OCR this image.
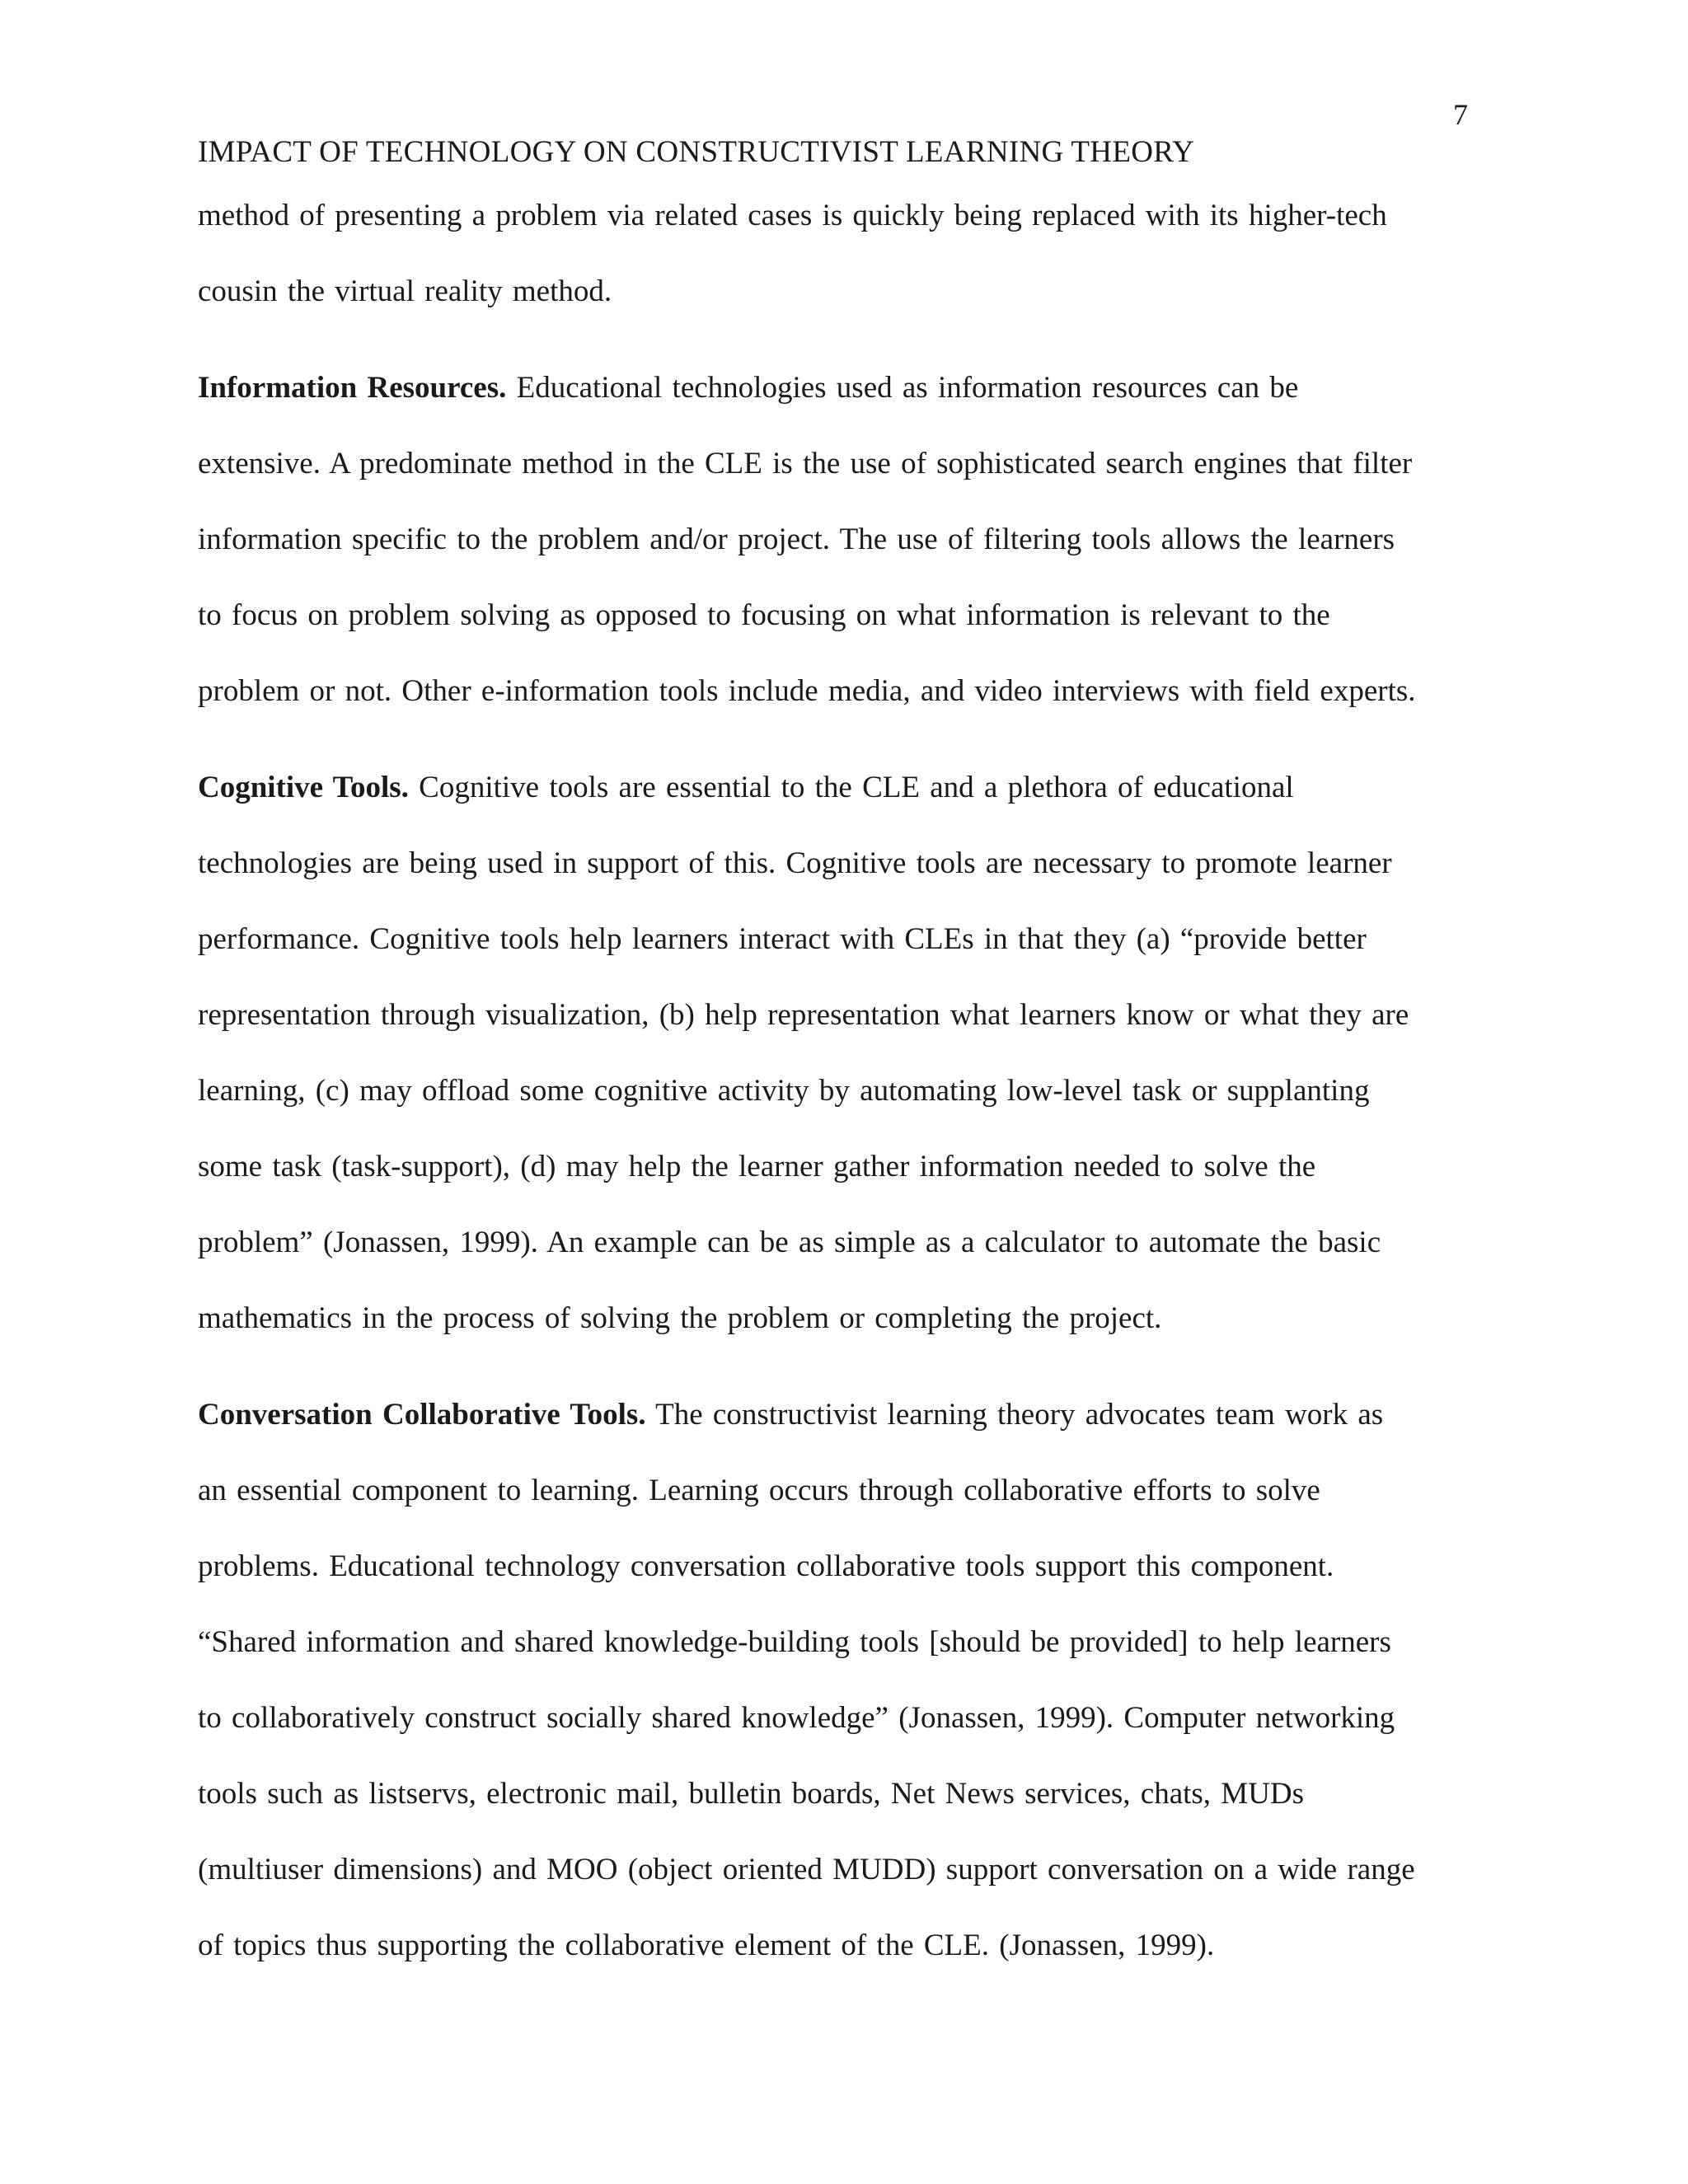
7
IMPACT OF TECHNOLOGY ON CONSTRUCTIVIST LEARNING THEORY
method of presenting a problem via related cases is quickly being replaced with its higher-tech
cousin the virtual reality method.
Information Resources. Educational technologies used as information resources can be
extensive. A predominate method in the CLE is the use of sophisticated search engines that filter
information specific to the problem and/or project. The use of filtering tools allows the learners
to focus on problem solving as opposed to focusing on what information is relevant to the
problem or not. Other e-information tools include media, and video interviews with field experts.
Cognitive Tools. Cognitive tools are essential to the CLE and a plethora of educational
technologies are being used in support of this. Cognitive tools are necessary to promote learner
performance. Cognitive tools help learners interact with CLEs in that they (a) “provide better
representation through visualization, (b) help representation what learners know or what they are
learning, (c) may offload some cognitive activity by automating low-level task or supplanting
some task (task-support), (d) may help the learner gather information needed to solve the
problem” (Jonassen, 1999). An example can be as simple as a calculator to automate the basic
mathematics in the process of solving the problem or completing the project.
Conversation Collaborative Tools. The constructivist learning theory advocates team work as
an essential component to learning. Learning occurs through collaborative efforts to solve
problems. Educational technology conversation collaborative tools support this component.
“Shared information and shared knowledge-building tools [should be provided] to help learners
to collaboratively construct socially shared knowledge” (Jonassen, 1999). Computer networking
tools such as listservs, electronic mail, bulletin boards, Net News services, chats, MUDs
(multiuser dimensions) and MOO (object oriented MUDD) support conversation on a wide range
of topics thus supporting the collaborative element of the CLE. (Jonassen, 1999).
